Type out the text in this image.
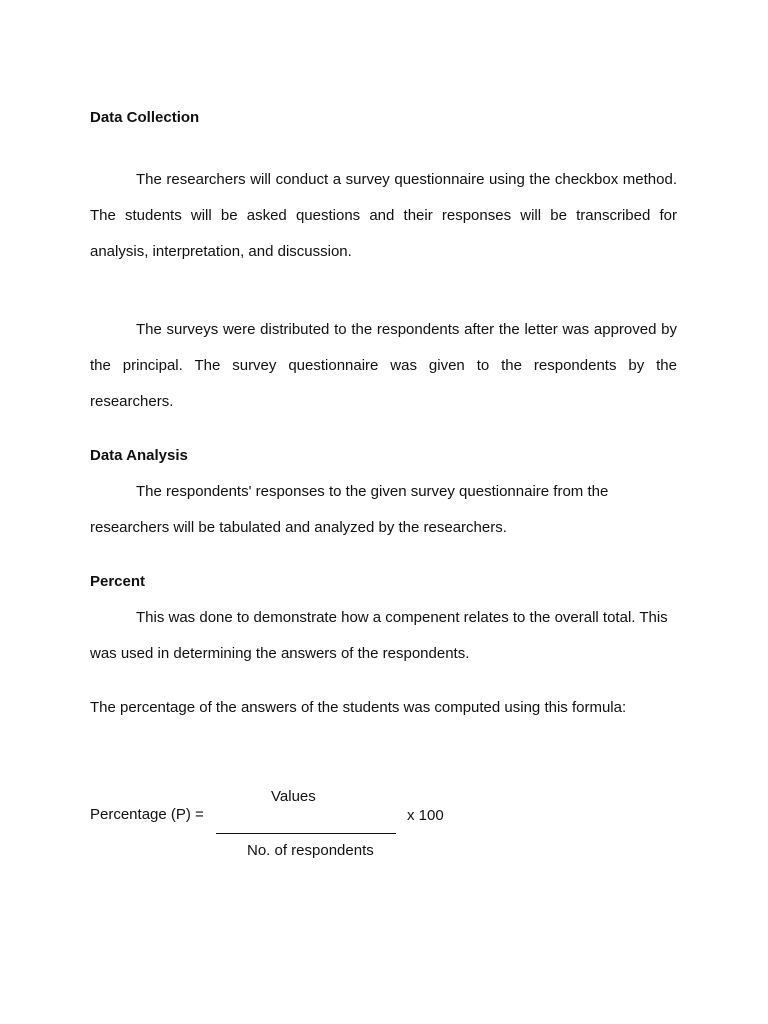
Data Collection

The researchers will conduct a survey questionnaire using the checkbox method. The students will be asked questions and their responses will be transcribed for analysis, interpretation, and discussion.

The surveys were distributed to the respondents after the letter was approved by the principal. The survey questionnaire was given to the respondents by the researchers.

Data Analysis

The respondents' responses to the given survey questionnaire from the researchers will be tabulated and analyzed by the researchers.

Percent

This was done to demonstrate how a compenent relates to the overall total. This was used in determining the answers of the respondents.

The percentage of the answers of the students was computed using this formula:

Percentage (P) =

Values

x 100

No. of respondents
